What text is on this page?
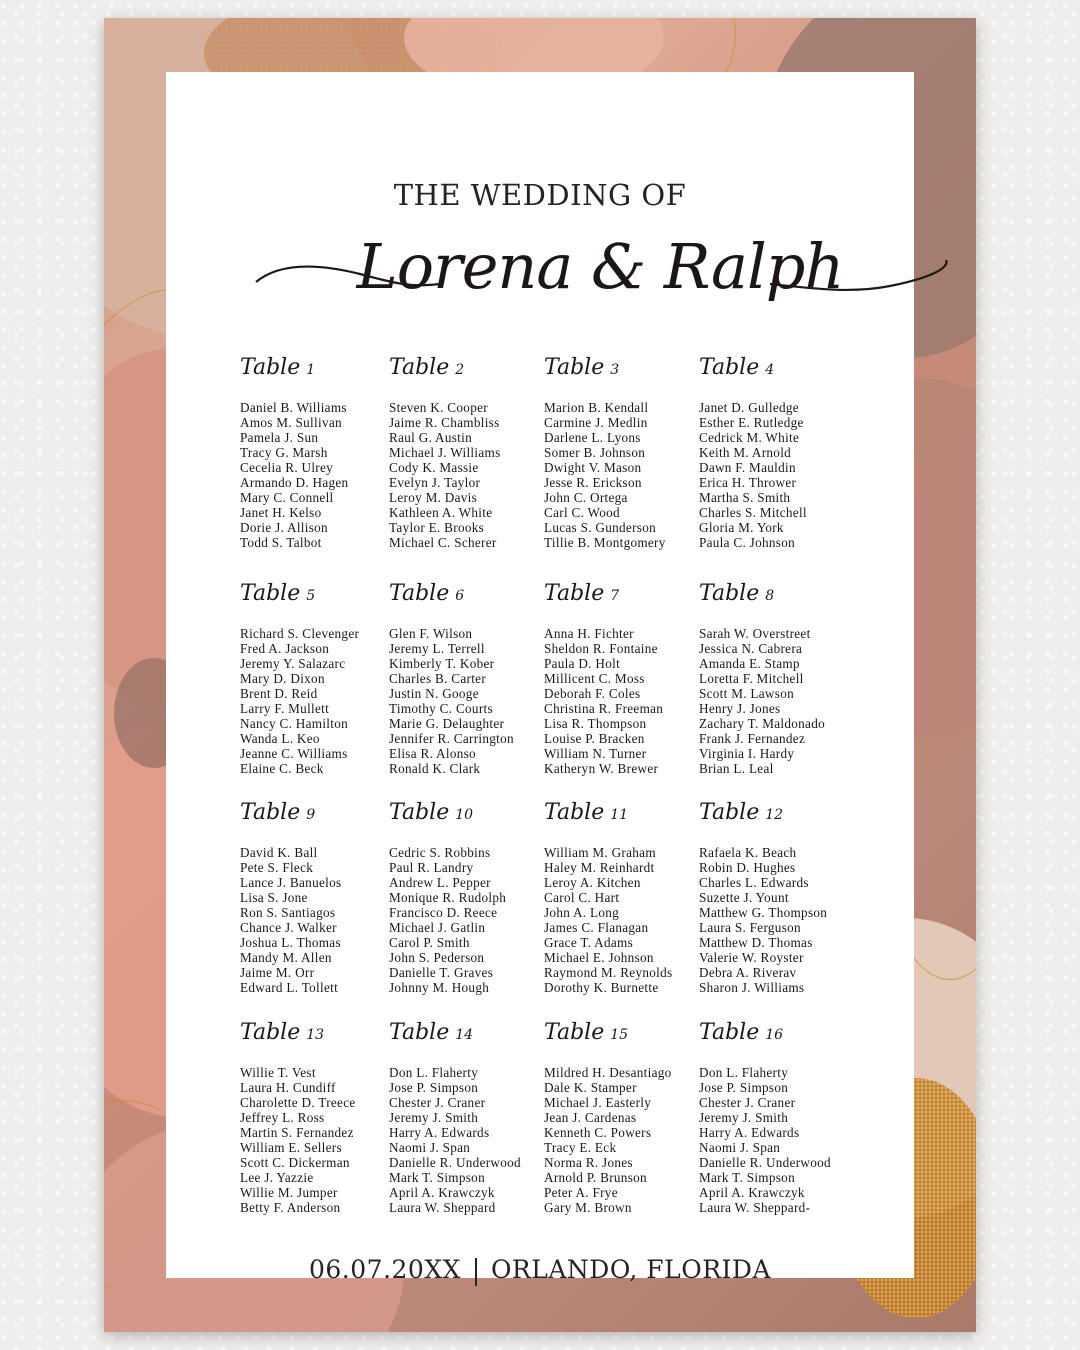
THE WEDDING OF
Lorena & Ralph
Table 1
Daniel B. Williams
Amos M. Sullivan
Pamela J. Sun
Tracy G. Marsh
Cecelia R. Ulrey
Armando D. Hagen
Mary C. Connell
Janet H. Kelso
Dorie J. Allison
Todd S. Talbot
Table 2
Steven K. Cooper
Jaime R. Chambliss
Raul G. Austin
Michael J. Williams
Cody K. Massie
Evelyn J. Taylor
Leroy M. Davis
Kathleen A. White
Taylor E. Brooks
Michael C. Scherer
Table 3
Marion B. Kendall
Carmine J. Medlin
Darlene L. Lyons
Somer B. Johnson
Dwight V. Mason
Jesse R. Erickson
John C. Ortega
Carl C. Wood
Lucas S. Gunderson
Tillie B. Montgomery
Table 4
Janet D. Gulledge
Esther E. Rutledge
Cedrick M. White
Keith M. Arnold
Dawn F. Mauldin
Erica H. Thrower
Martha S. Smith
Charles S. Mitchell
Gloria M. York
Paula C. Johnson
Table 5
Richard S. Clevenger
Fred A. Jackson
Jeremy Y. Salazarc
Mary D. Dixon
Brent D. Reid
Larry F. Mullett
Nancy C. Hamilton
Wanda L. Keo
Jeanne C. Williams
Elaine C. Beck
Table 6
Glen F. Wilson
Jeremy L. Terrell
Kimberly T. Kober
Charles B. Carter
Justin N. Googe
Timothy C. Courts
Marie G. Delaughter
Jennifer R. Carrington
Elisa R. Alonso
Ronald K. Clark
Table 7
Anna H. Fichter
Sheldon R. Fontaine
Paula D. Holt
Millicent C. Moss
Deborah F. Coles
Christina R. Freeman
Lisa R. Thompson
Louise P. Bracken
William N. Turner
Katheryn W. Brewer
Table 8
Sarah W. Overstreet
Jessica N. Cabrera
Amanda E. Stamp
Loretta F. Mitchell
Scott M. Lawson
Henry J. Jones
Zachary T. Maldonado
Frank J. Fernandez
Virginia I. Hardy
Brian L. Leal
Table 9
David K. Ball
Pete S. Fleck
Lance J. Banuelos
Lisa S. Jone
Ron S. Santiagos
Chance J. Walker
Joshua L. Thomas
Mandy M. Allen
Jaime M. Orr
Edward L. Tollett
Table 10
Cedric S. Robbins
Paul R. Landry
Andrew L. Pepper
Monique R. Rudolph
Francisco D. Reece
Michael J. Gatlin
Carol P. Smith
John S. Pederson
Danielle T. Graves
Johnny M. Hough
Table 11
William M. Graham
Haley M. Reinhardt
Leroy A. Kitchen
Carol C. Hart
John A. Long
James C. Flanagan
Grace T. Adams
Michael E. Johnson
Raymond M. Reynolds
Dorothy K. Burnette
Table 12
Rafaela K. Beach
Robin D. Hughes
Charles L. Edwards
Suzette J. Yount
Matthew G. Thompson
Laura S. Ferguson
Matthew D. Thomas
Valerie W. Royster
Debra A. Riverav
Sharon J. Williams
Table 13
Willie T. Vest
Laura H. Cundiff
Charolette D. Treece
Jeffrey L. Ross
Martin S. Fernandez
William E. Sellers
Scott C. Dickerman
Lee J. Yazzie
Willie M. Jumper
Betty F. Anderson
Table 14
Don L. Flaherty
Jose P. Simpson
Chester J. Craner
Jeremy J. Smith
Harry A. Edwards
Naomi J. Span
Danielle R. Underwood
Mark T. Simpson
April A. Krawczyk
Laura W. Sheppard
Table 15
Mildred H. Desantiago
Dale K. Stamper
Michael J. Easterly
Jean J. Cardenas
Kenneth C. Powers
Tracy E. Eck
Norma R. Jones
Arnold P. Brunson
Peter A. Frye
Gary M. Brown
Table 16
Don L. Flaherty
Jose P. Simpson
Chester J. Craner
Jeremy J. Smith
Harry A. Edwards
Naomi J. Span
Danielle R. Underwood
Mark T. Simpson
April A. Krawczyk
Laura W. Sheppard-
06.07.20XX ORLANDO, FLORIDA
